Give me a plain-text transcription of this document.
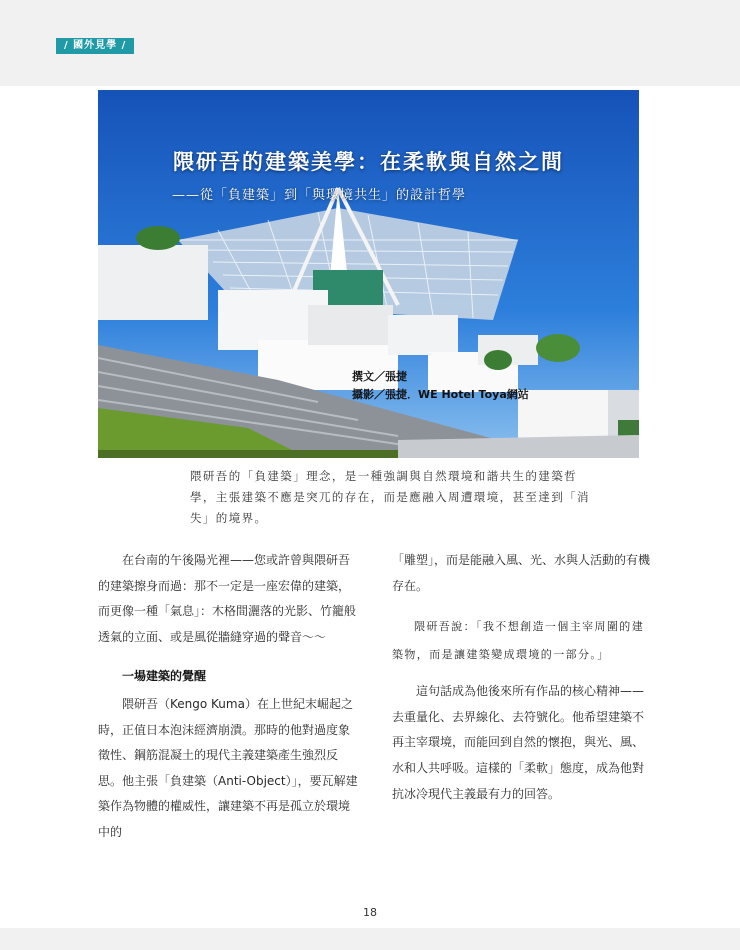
/ 國外見學 /
隈研吾的建築美學：在柔軟與自然之間
——從「負建築」到「與環境共生」的設計哲學
撰文／張捷
攝影／張捷．WE Hotel Toya網站
隈研吾的「負建築」理念，是一種強調與自然環境和諧共生的建築哲學，主張建築不應是突兀的存在，而是應融入周遭環境，甚至達到「消失」的境界。

在台南的午後陽光裡——您或許曾與隈研吾的建築擦身而過：那不一定是一座宏偉的建築，而更像一種「氣息」：木格間灑落的光影、竹籠般透氣的立面、或是風從牆縫穿過的聲音～～

一場建築的覺醒

隈研吾（Kengo Kuma）在上世紀末崛起之時，正值日本泡沫經濟崩潰。那時的他對過度象徵性、鋼筋混凝土的現代主義建築產生強烈反思。他主張「負建築（Anti-Object）」，要瓦解建築作為物體的權威性，讓建築不再是孤立於環境中的

「雕塑」，而是能融入風、光、水與人活動的有機存在。

隈研吾說：「我不想創造一個主宰周圍的建築物，而是讓建築變成環境的一部分。」

這句話成為他後來所有作品的核心精神——去重量化、去界線化、去符號化。他希望建築不再主宰環境，而能回到自然的懷抱，與光、風、水和人共呼吸。這樣的「柔軟」態度，成為他對抗冰冷現代主義最有力的回答。

18
